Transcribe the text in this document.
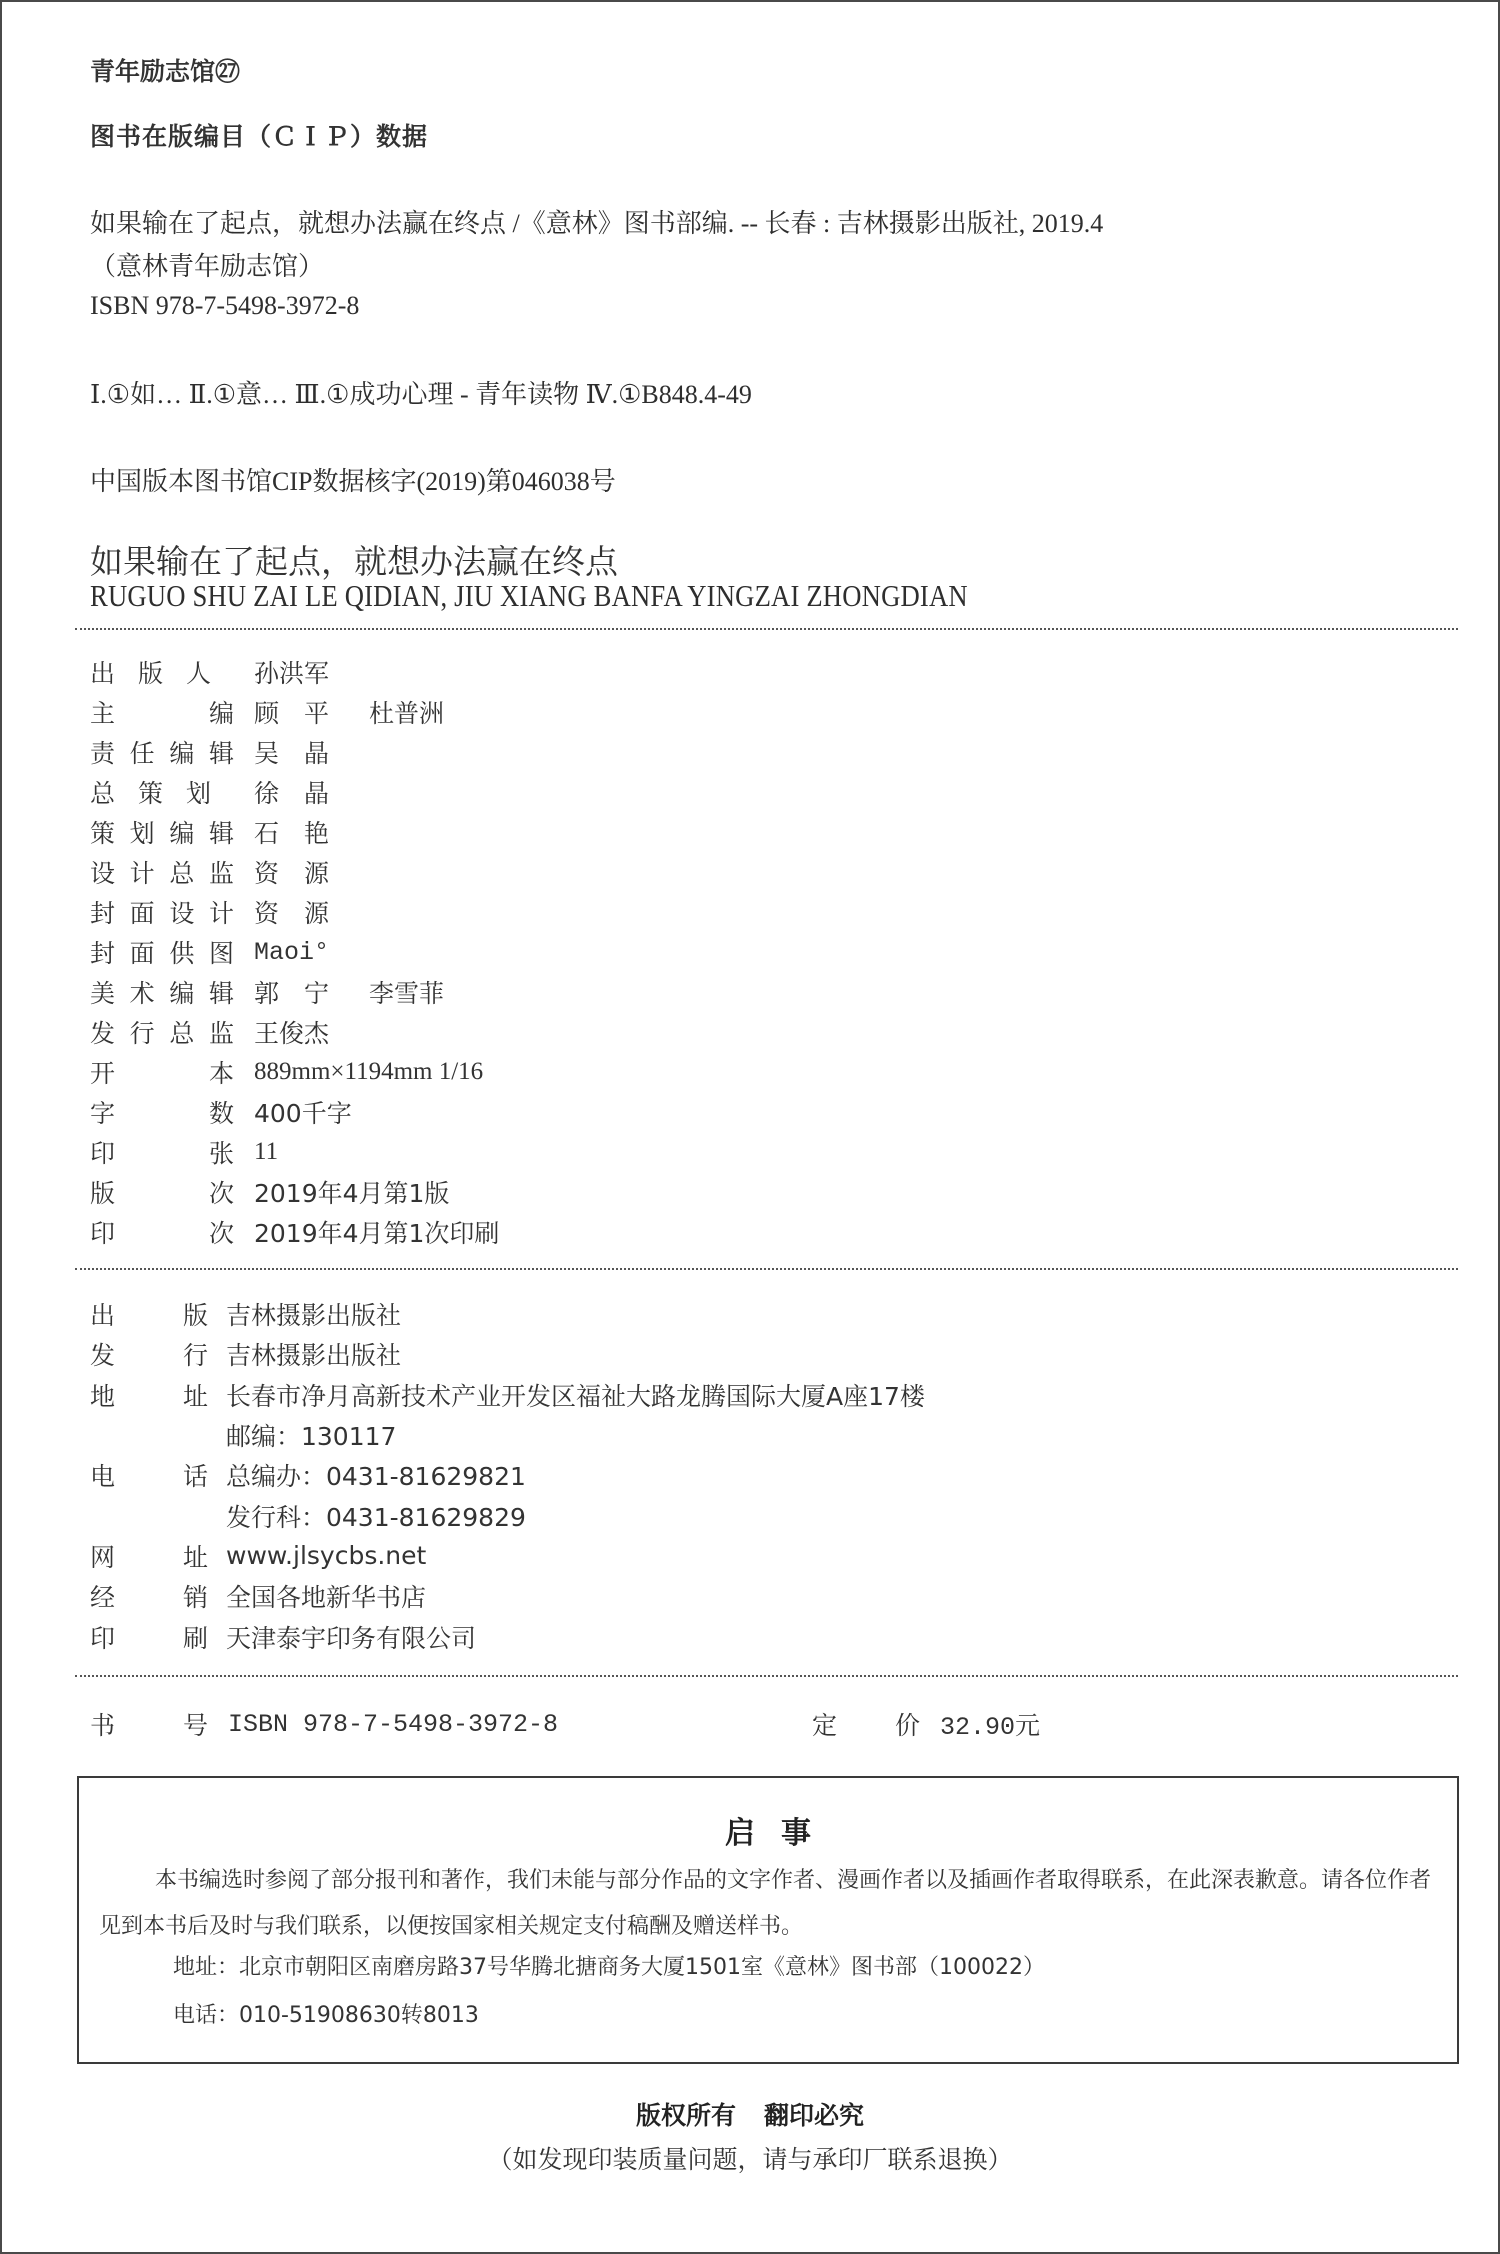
青年励志馆㉗
图书在版编目（ＣＩＰ）数据
如果输在了起点，就想办法赢在终点 /《意林》图书部编. -- 长春 : 吉林摄影出版社, 2019.4
（意林青年励志馆）
ISBN 978-7-5498-3972-8
Ⅰ.①如… Ⅱ.①意… Ⅲ.①成功心理 - 青年读物 Ⅳ.①B848.4-49
中国版本图书馆CIP数据核字(2019)第046038号
如果输在了起点，就想办法赢在终点
RUGUO SHU ZAI LE QIDIAN, JIU XIANG BANFA YINGZAI ZHONGDIAN
出 版 人 孙洪军
主	编 顾　平 杜普洲
责 任 编 辑 吴　晶
总 策 划 徐　晶
策 划 编 辑 石　艳
设 计 总 监 资　源
封 面 设 计 资　源
封 面 供 图 Maoi°
美 术 编 辑 郭　宁 李雪菲
发 行 总 监 王俊杰
开	本 889mm×1194mm 1/16
字	数 400千字
印	张 11
版	次 2019年4月第1版
印	次 2019年4月第1次印刷
出	版 吉林摄影出版社
发	行 吉林摄影出版社
地	址 长春市净月高新技术产业开发区福祉大路龙腾国际大厦A座17楼
邮编：130117
电	话 总编办：0431-81629821
发行科：0431-81629829
网	址 www.jlsycbs.net
经	销 全国各地新华书店
印	刷 天津泰宇印务有限公司
书	号 ISBN 978-7-5498-3972-8	定 价 32.90元
启事
本书编选时参阅了部分报刊和著作，我们未能与部分作品的文字作者、漫画作者以及插画作者取得联系，在此深表歉意。请各位作者见到本书后及时与我们联系，以便按国家相关规定支付稿酬及赠送样书。
地址：北京市朝阳区南磨房路37号华腾北搪商务大厦1501室《意林》图书部（100022）
电话：010-51908630转8013
版权所有 翻印必究
（如发现印装质量问题，请与承印厂联系退换）
